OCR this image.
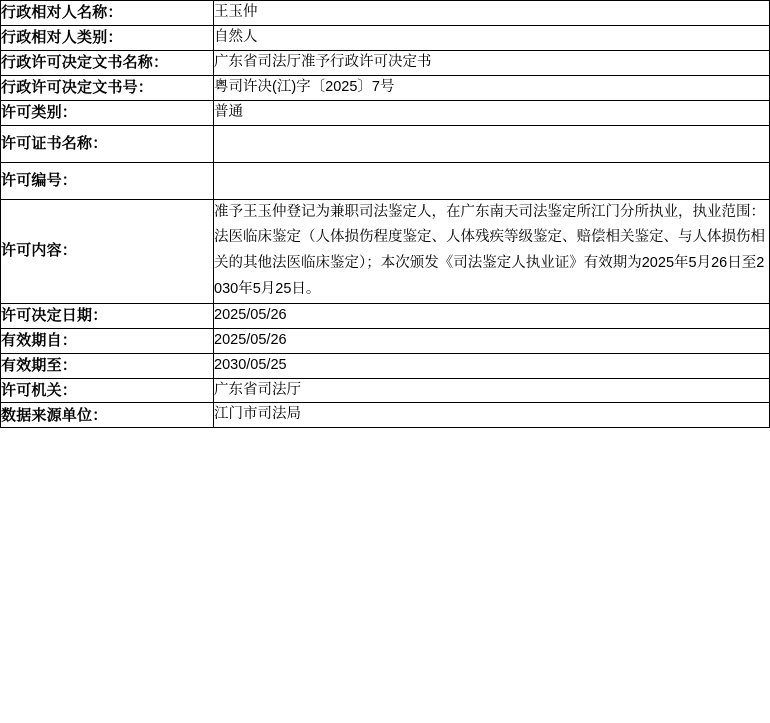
行政相对人名称：	王玉仲
行政相对人类别：	自然人
行政许可决定文书名称：	广东省司法厅准予行政许可决定书
行政许可决定文书号：	粤司许决(江)字〔2025〕7号
许可类别：	普通
许可证书名称：	
许可编号：	
许可内容：	准予王玉仲登记为兼职司法鉴定人，在广东南天司法鉴定所江门分所执业，执业范围：法医临床鉴定（人体损伤程度鉴定、人体残疾等级鉴定、赔偿相关鉴定、与人体损伤相关的其他法医临床鉴定）；本次颁发《司法鉴定人执业证》有效期为2025年5月26日至2030年5月25日。
许可决定日期：	2025/05/26
有效期自：	2025/05/26
有效期至：	2030/05/25
许可机关：	广东省司法厅
数据来源单位：	江门市司法局
